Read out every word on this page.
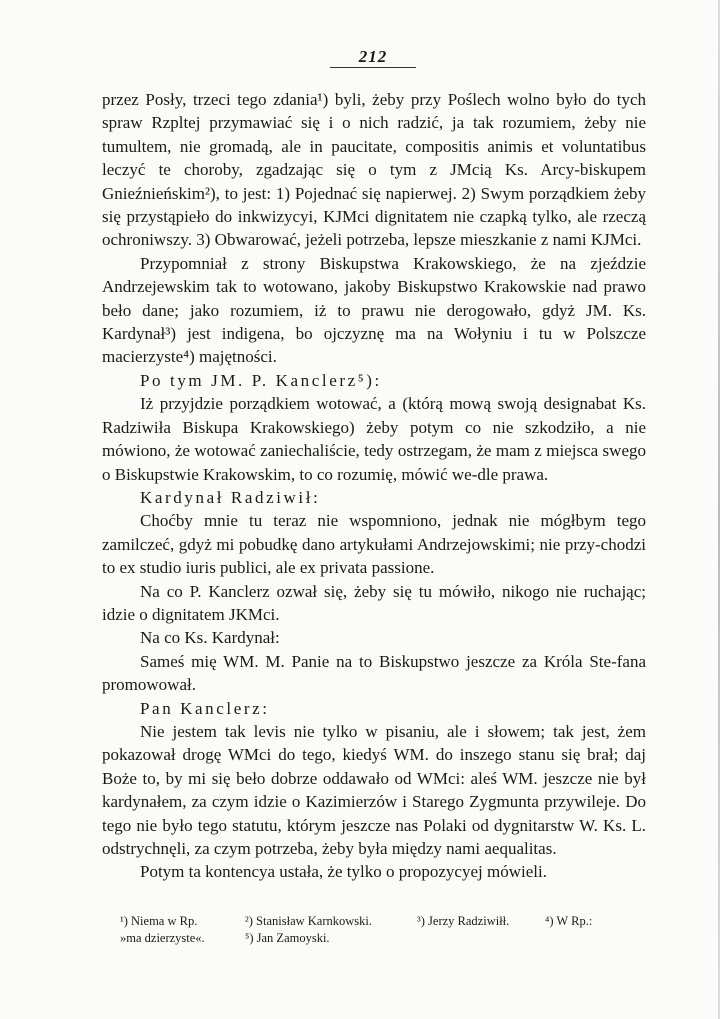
212

przez Posły, trzeci tego zdania¹) byli, żeby przy Poślech wolno było do tych spraw Rzpltej przymawiać się i o nich radzić, ja tak rozumiem, żeby nie tumultem, nie gromadą, ale in paucitate, compositis animis et voluntatibus leczyć te choroby, zgadzając się o tym z JMcią Ks. Arcy-biskupem Gnieźnieńskim²), to jest: 1) Pojednać się napierwej. 2) Swym porządkiem żeby się przystąpieło do inkwizycyi, KJMci dignitatem nie czapką tylko, ale rzeczą ochroniwszy. 3) Obwarować, jeżeli potrzeba, lepsze mieszkanie z nami KJMci.

Przypomniał z strony Biskupstwa Krakowskiego, że na zjeździe Andrzejewskim tak to wotowano, jakoby Biskupstwo Krakowskie nad prawo beło dane; jako rozumiem, iż to prawu nie derogowało, gdyż JM. Ks. Kardynał³) jest indigena, bo ojczyznę ma na Wołyniu i tu w Polszcze macierzyste⁴) majętności.

Po tym JM. P. Kanclerz⁵):

Iż przyjdzie porządkiem wotować, a (którą mową swoją designabat Ks. Radziwiła Biskupa Krakowskiego) żeby potym co nie szkodziło, a nie mówiono, że wotować zaniechaliście, tedy ostrzegam, że mam z miejsca swego o Biskupstwie Krakowskim, to co rozumię, mówić we-dle prawa.

Kardynał Radziwił:

Choćby mnie tu teraz nie wspomniono, jednak nie mógłbym tego zamilczeć, gdyż mi pobudkę dano artykułami Andrzejowskimi; nie przy-chodzi to ex studio iuris publici, ale ex privata passione.

Na co P. Kanclerz ozwał się, żeby się tu mówiło, nikogo nie ruchając; idzie o dignitatem JKMci.

Na co Ks. Kardynał:

Sameś mię WM. M. Panie na to Biskupstwo jeszcze za Króla Ste-fana promowował.

Pan Kanclerz:

Nie jestem tak levis nie tylko w pisaniu, ale i słowem; tak jest, żem pokazował drogę WMci do tego, kiedyś WM. do inszego stanu się brał; daj Boże to, by mi się beło dobrze oddawało od WMci: aleś WM. jeszcze nie był kardynałem, za czym idzie o Kazimierzów i Starego Zygmunta przywileje. Do tego nie było tego statutu, którym jeszcze nas Polaki od dygnitarstw W. Ks. L. odstrychnęli, za czym potrzeba, żeby była między nami aequalitas.

Potym ta kontencya ustała, że tylko o propozycyej mówieli.

¹) Niema w Rp.	²) Stanisław Karnkowski.	³) Jerzy Radziwiłł.	⁴) W Rp.:
»ma dzierzyste«.	⁵) Jan Zamoyski.
